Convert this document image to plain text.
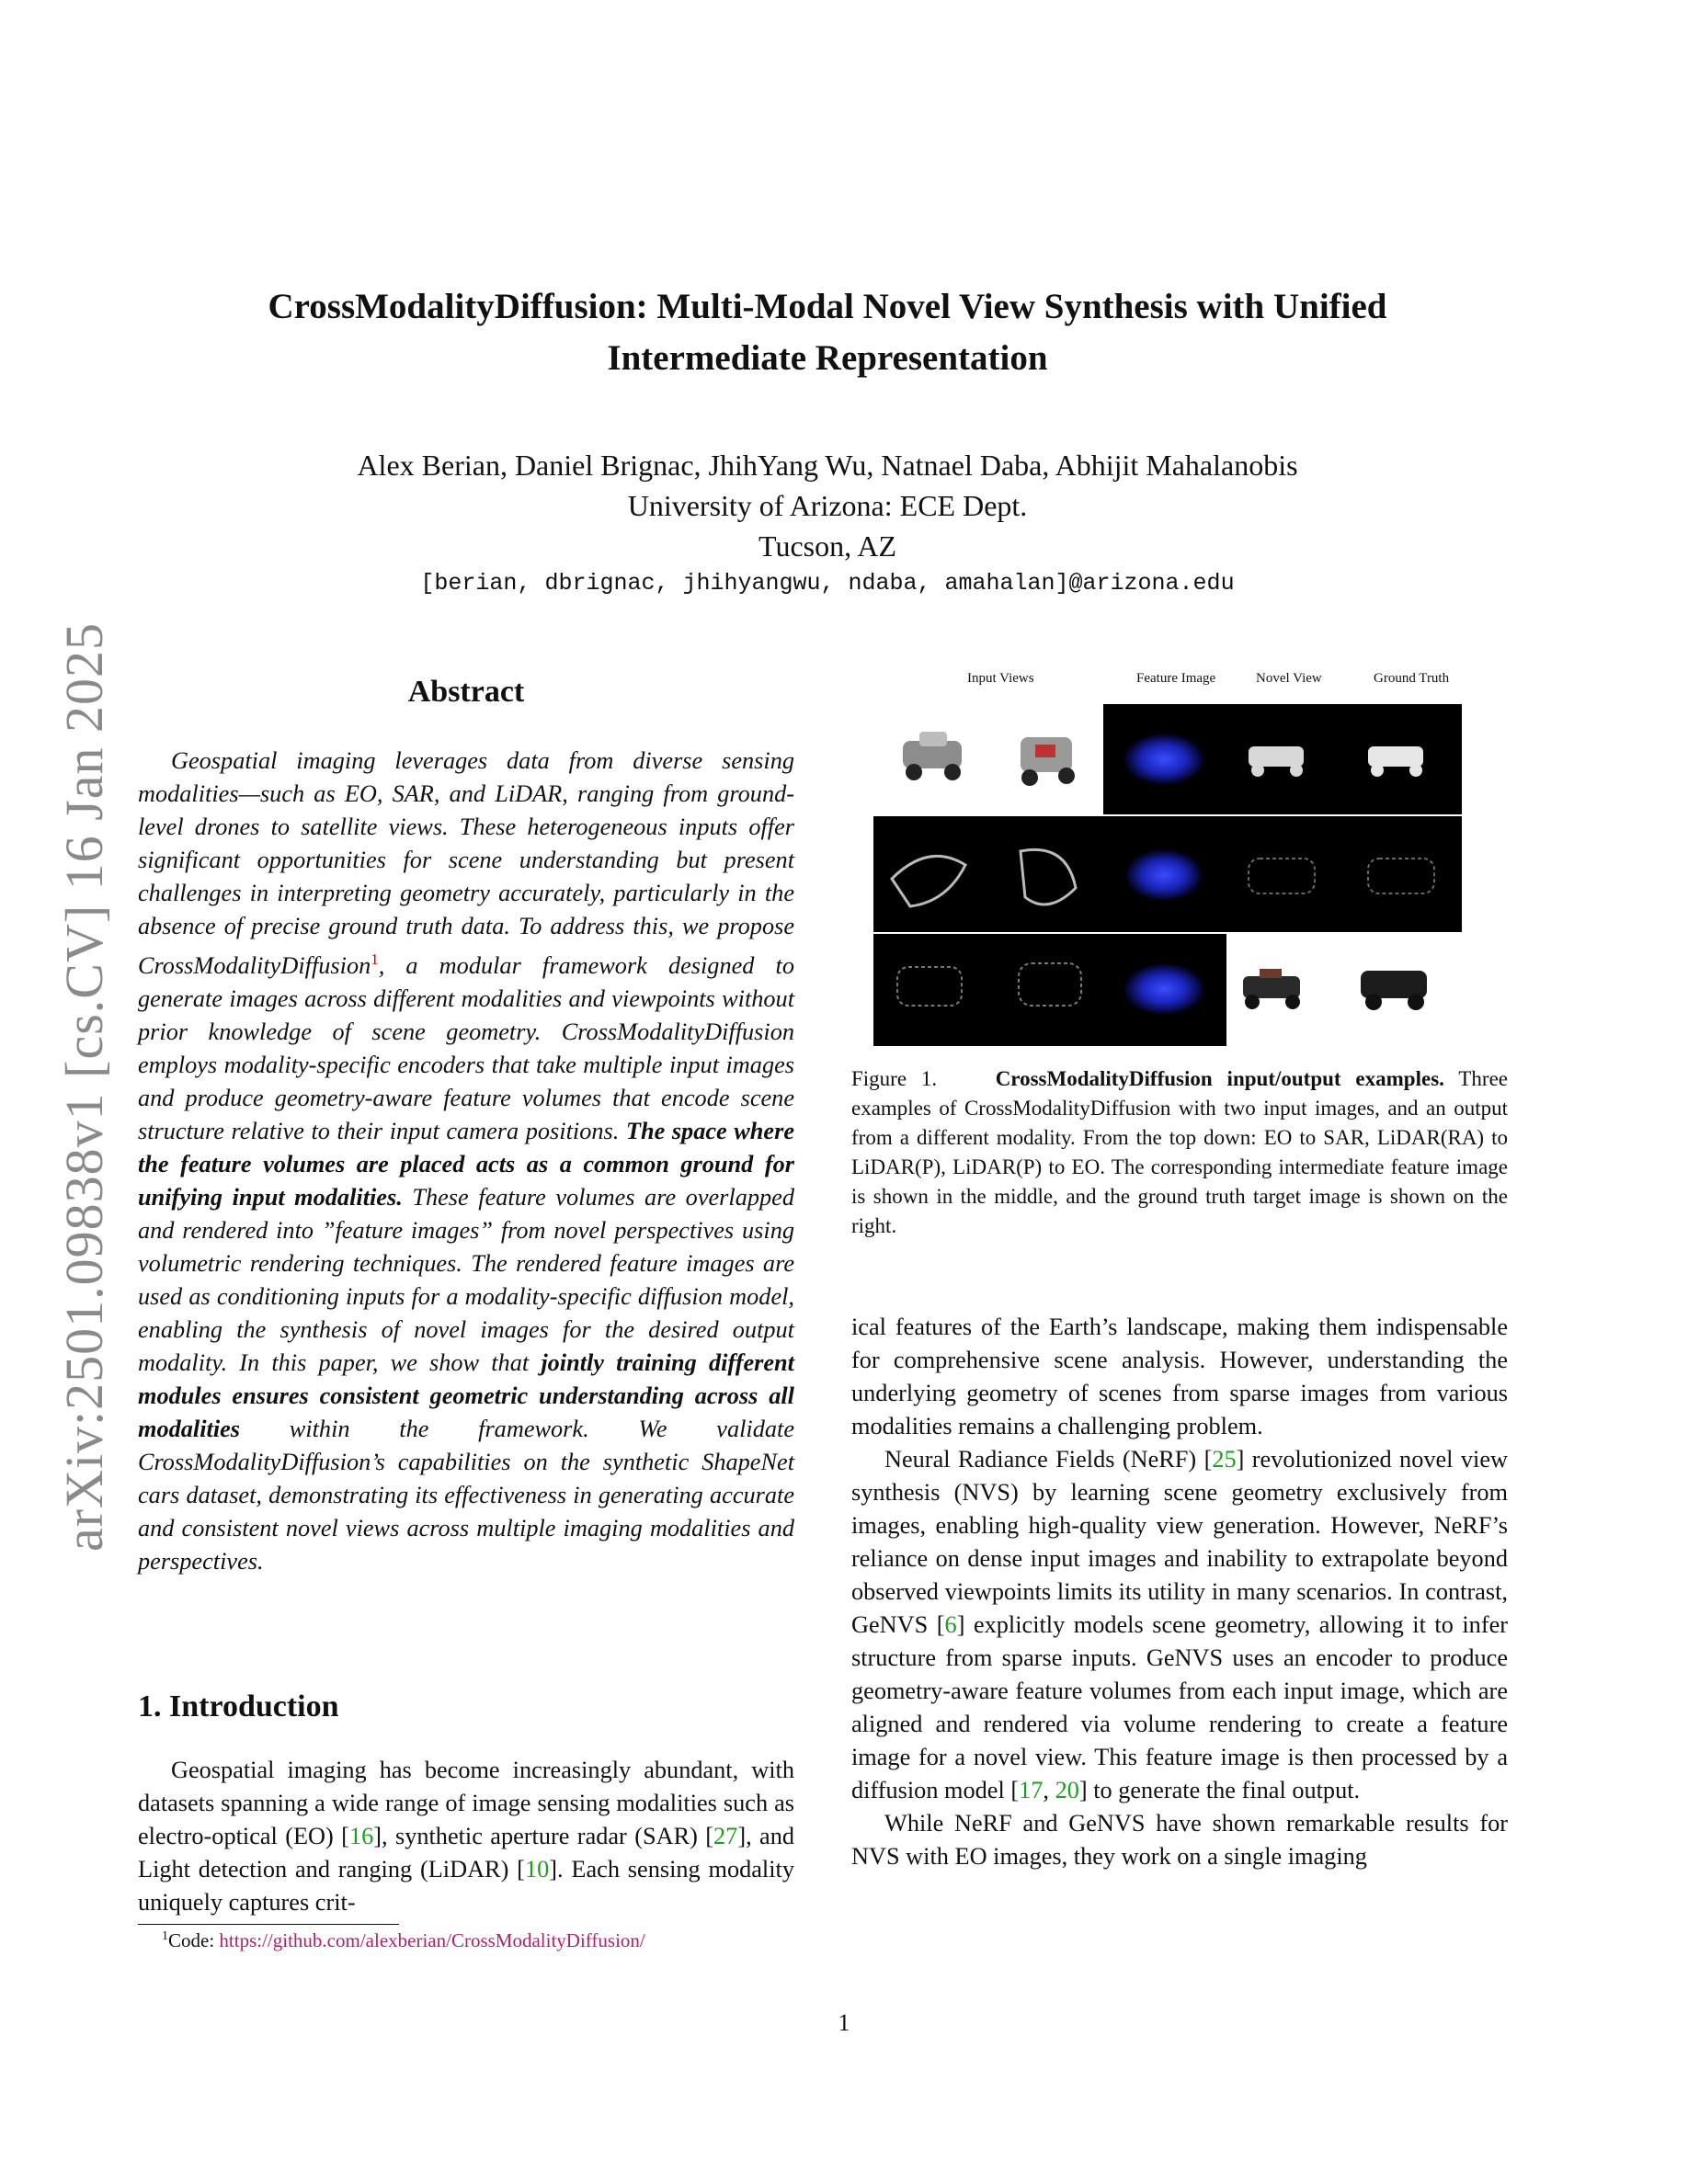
arXiv:2501.09838v1 [cs.CV] 16 Jan 2025
CrossModalityDiffusion: Multi-Modal Novel View Synthesis with Unified
Intermediate Representation
Alex Berian, Daniel Brignac, JhihYang Wu, Natnael Daba, Abhijit Mahalanobis
University of Arizona: ECE Dept.
Tucson, AZ
[berian, dbrignac, jhihyangwu, ndaba, amahalan]@arizona.edu
Abstract

Geospatial imaging leverages data from diverse sensing modalities—such as EO, SAR, and LiDAR, ranging from ground-level drones to satellite views. These heterogeneous inputs offer significant opportunities for scene understanding but present challenges in interpreting geometry accurately, particularly in the absence of precise ground truth data. To address this, we propose CrossModalityDiffusion$^1$, a modular framework designed to generate images across different modalities and viewpoints without prior knowledge of scene geometry. CrossModalityDiffusion employs modality-specific encoders that take multiple input images and produce geometry-aware feature volumes that encode scene structure relative to their input camera positions. The space where the feature volumes are placed acts as a common ground for unifying input modalities. These feature volumes are overlapped and rendered into ”feature images” from novel perspectives using volumetric rendering techniques. The rendered feature images are used as conditioning inputs for a modality-specific diffusion model, enabling the synthesis of novel images for the desired output modality. In this paper, we show that jointly training different modules ensures consistent geometric understanding across all modalities within the framework. We validate CrossModalityDiffusion’s capabilities on the synthetic ShapeNet cars dataset, demonstrating its effectiveness in generating accurate and consistent novel views across multiple imaging modalities and perspectives.

1. Introduction

Geospatial imaging has become increasingly abundant, with datasets spanning a wide range of image sensing modalities such as electro-optical (EO) [16], synthetic aperture radar (SAR) [27], and Light detection and ranging (LiDAR) [10]. Each sensing modality uniquely captures crit-

$^1$Code: https://github.com/alexberian/CrossModalityDiffusion/
Input Views	Feature Image	Novel View	Ground Truth
Figure 1.	CrossModalityDiffusion input/output examples. Three examples of CrossModalityDiffusion with two input images, and an output from a different modality. From the top down: EO to SAR, LiDAR(RA) to LiDAR(P), LiDAR(P) to EO. The corresponding intermediate feature image is shown in the middle, and the ground truth target image is shown on the right.

ical features of the Earth’s landscape, making them indispensable for comprehensive scene analysis. However, understanding the underlying geometry of scenes from sparse images from various modalities remains a challenging problem.

Neural Radiance Fields (NeRF) [25] revolutionized novel view synthesis (NVS) by learning scene geometry exclusively from images, enabling high-quality view generation. However, NeRF’s reliance on dense input images and inability to extrapolate beyond observed viewpoints limits its utility in many scenarios. In contrast, GeNVS [6] explicitly models scene geometry, allowing it to infer structure from sparse inputs. GeNVS uses an encoder to produce geometry-aware feature volumes from each input image, which are aligned and rendered via volume rendering to create a feature image for a novel view. This feature image is then processed by a diffusion model [17, 20] to generate the final output.

While NeRF and GeNVS have shown remarkable results for NVS with EO images, they work on a single imaging

1
